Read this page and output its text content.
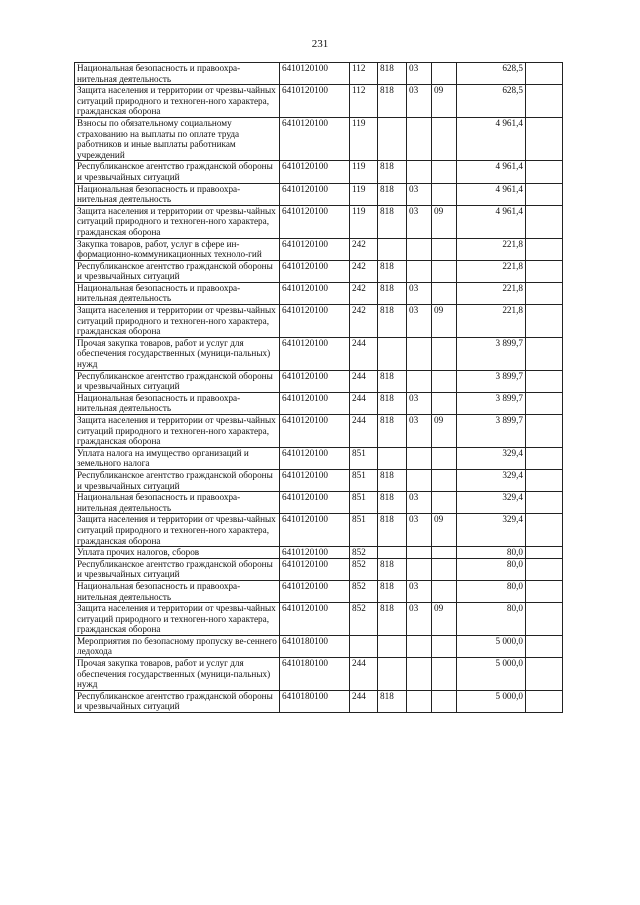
231
Национальная безопасность и правоохра-нительная деятельность	6410120100	112	818	03		628,5	
Защита населения и территории от чрезвы-чайных ситуаций природного и техноген-ного характера, гражданская оборона	6410120100	112	818	03	09	628,5	
Взносы по обязательному социальному страхованию на выплаты по оплате труда работников и иные выплаты работникам учреждений	6410120100	119				4 961,4	
Республиканское агентство гражданской обороны и чрезвычайных ситуаций	6410120100	119	818			4 961,4	
Национальная безопасность и правоохра-нительная деятельность	6410120100	119	818	03		4 961,4	
Защита населения и территории от чрезвы-чайных ситуаций природного и техноген-ного характера, гражданская оборона	6410120100	119	818	03	09	4 961,4	
Закупка товаров, работ, услуг в сфере ин-формационно-коммуникационных техноло-гий	6410120100	242				221,8	
Республиканское агентство гражданской обороны и чрезвычайных ситуаций	6410120100	242	818			221,8	
Национальная безопасность и правоохра-нительная деятельность	6410120100	242	818	03		221,8	
Защита населения и территории от чрезвы-чайных ситуаций природного и техноген-ного характера, гражданская оборона	6410120100	242	818	03	09	221,8	
Прочая закупка товаров, работ и услуг для обеспечения государственных (муници-пальных) нужд	6410120100	244				3 899,7	
Республиканское агентство гражданской обороны и чрезвычайных ситуаций	6410120100	244	818			3 899,7	
Национальная безопасность и правоохра-нительная деятельность	6410120100	244	818	03		3 899,7	
Защита населения и территории от чрезвы-чайных ситуаций природного и техноген-ного характера, гражданская оборона	6410120100	244	818	03	09	3 899,7	
Уплата налога на имущество организаций и земельного налога	6410120100	851				329,4	
Республиканское агентство гражданской обороны и чрезвычайных ситуаций	6410120100	851	818			329,4	
Национальная безопасность и правоохра-нительная деятельность	6410120100	851	818	03		329,4	
Защита населения и территории от чрезвы-чайных ситуаций природного и техноген-ного характера, гражданская оборона	6410120100	851	818	03	09	329,4	
Уплата прочих налогов, сборов	6410120100	852				80,0	
Республиканское агентство гражданской обороны и чрезвычайных ситуаций	6410120100	852	818			80,0	
Национальная безопасность и правоохра-нительная деятельность	6410120100	852	818	03		80,0	
Защита населения и территории от чрезвы-чайных ситуаций природного и техноген-ного характера, гражданская оборона	6410120100	852	818	03	09	80,0	
Мероприятия по безопасному пропуску ве-сеннего ледохода	6410180100					5 000,0	
Прочая закупка товаров, работ и услуг для обеспечения государственных (муници-пальных) нужд	6410180100	244				5 000,0	
Республиканское агентство гражданской обороны и чрезвычайных ситуаций	6410180100	244	818			5 000,0	
